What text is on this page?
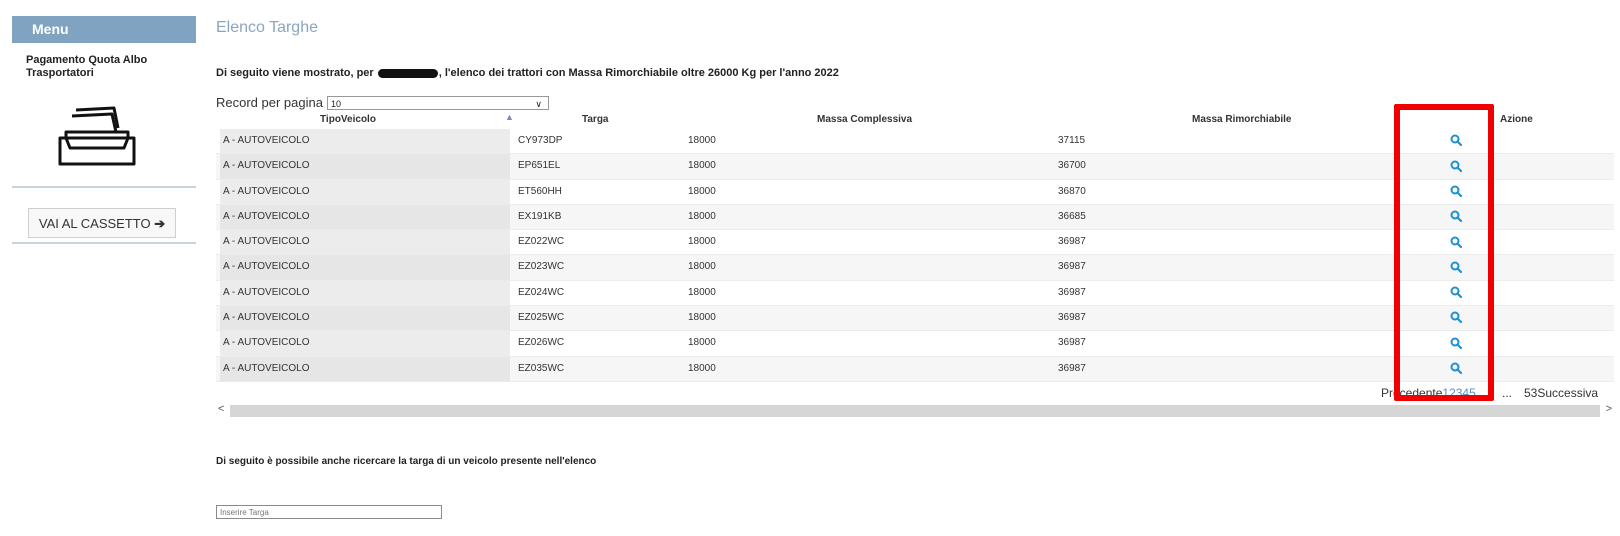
Menu
Pagamento Quota Albo Trasportatori
VAI AL CASSETTO ➔
Elenco Targhe
Di seguito viene mostrato, per	, l'elenco dei trattori con Massa Rimorchiabile oltre 26000 Kg per l'anno 2022
Record per pagina 10	∨
TipoVeicolo	▲	Targa	Massa Complessiva	Massa Rimorchiabile	Azione
A - AUTOVEICOLO	CY973DP	18000	37115
A - AUTOVEICOLO	EP651EL	18000	36700
A - AUTOVEICOLO	ET560HH	18000	36870
A - AUTOVEICOLO	EX191KB	18000	36685
A - AUTOVEICOLO	EZ022WC	18000	36987
A - AUTOVEICOLO	EZ023WC	18000	36987
A - AUTOVEICOLO	EZ024WC	18000	36987
A - AUTOVEICOLO	EZ025WC	18000	36987
A - AUTOVEICOLO	EZ026WC	18000	36987
A - AUTOVEICOLO	EZ035WC	18000	36987
Precedente12345 ... 53Successiva
<	>
Di seguito è possibile anche ricercare la targa di un veicolo presente nell'elenco
Inserire Targa
